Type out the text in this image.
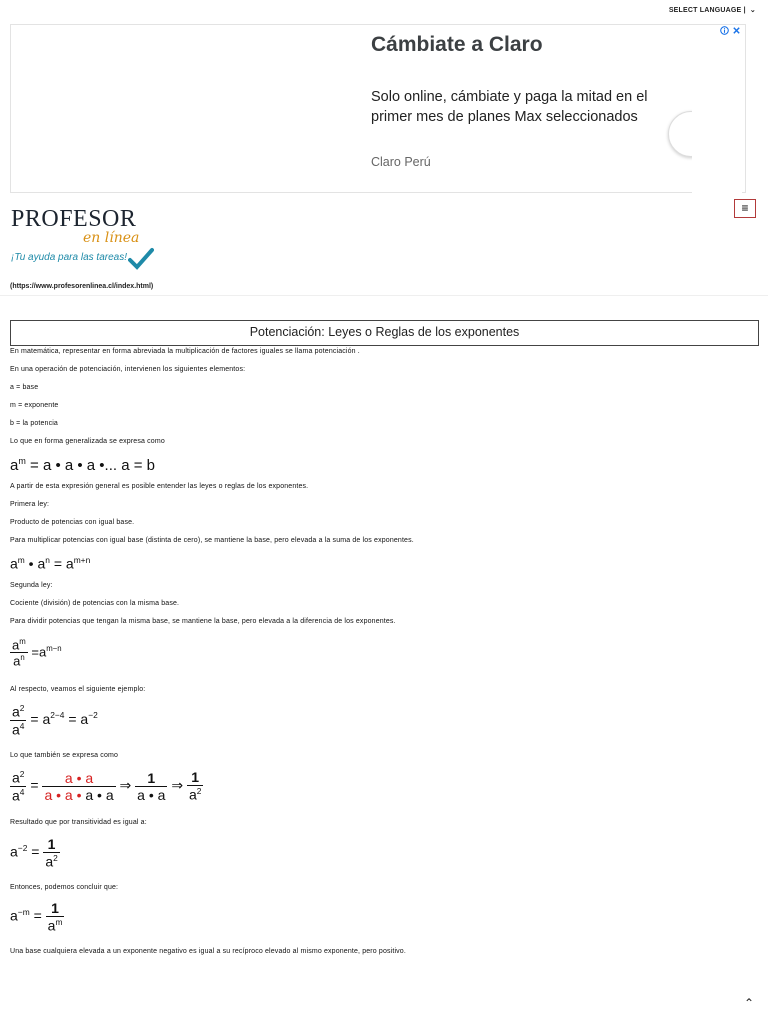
SELECT LANGUAGE | ⌄
Cámbiate a Claro
Solo online, cámbiate y paga la mitad en el primer mes de planes Max seleccionados
Claro Perú
PROFESOR
en línea
¡Tu ayuda para las tareas!
≡
(https://www.profesorenlinea.cl/index.html)
Potenciación: Leyes o Reglas de los exponentes
En matemática, representar en forma abreviada la multiplicación de factores iguales se llama potenciación .
En una operación de potenciación, intervienen los siguientes elementos:
a = base
m = exponente
b = la potencia
Lo que en forma generalizada se expresa como
$a^m = a$ • a • a •... a = b
A partir de esta expresión general es posible entender las leyes o reglas de los exponentes.
Primera ley:
Producto de potencias con igual base.
Para multiplicar potencias con igual base (distinta de cero), se mantiene la base, pero elevada a la suma de los exponentes.
$a^m$ • $a^n = a^{m+n}$
Segunda ley:
Cociente (división) de potencias con la misma base.
Para dividir potencias que tengan la misma base, se mantiene la base, pero elevada a la diferencia de los exponentes.
$\frac{a^m}{a^n} =a^{m-n}$
Al respecto, veamos el siguiente ejemplo:
$\frac{a^2}{a^4} = a^{2-4} = a^{-2}$
Lo que también se expresa como
$\frac{a^2}{a^4} = \frac{a • a}{a • a • a • a}$ ⇒ $\frac{1}{a • a}$ ⇒ $\frac{1}{a^2}$
Resultado que por transitividad es igual a:
$a^{-2} = \frac{1}{a^2}$
Entonces, podemos concluir que:
$a^{-m} = \frac{1}{a^m}$
Una base cualquiera elevada a un exponente negativo es igual a su recíproco elevado al mismo exponente, pero positivo.
⌃
